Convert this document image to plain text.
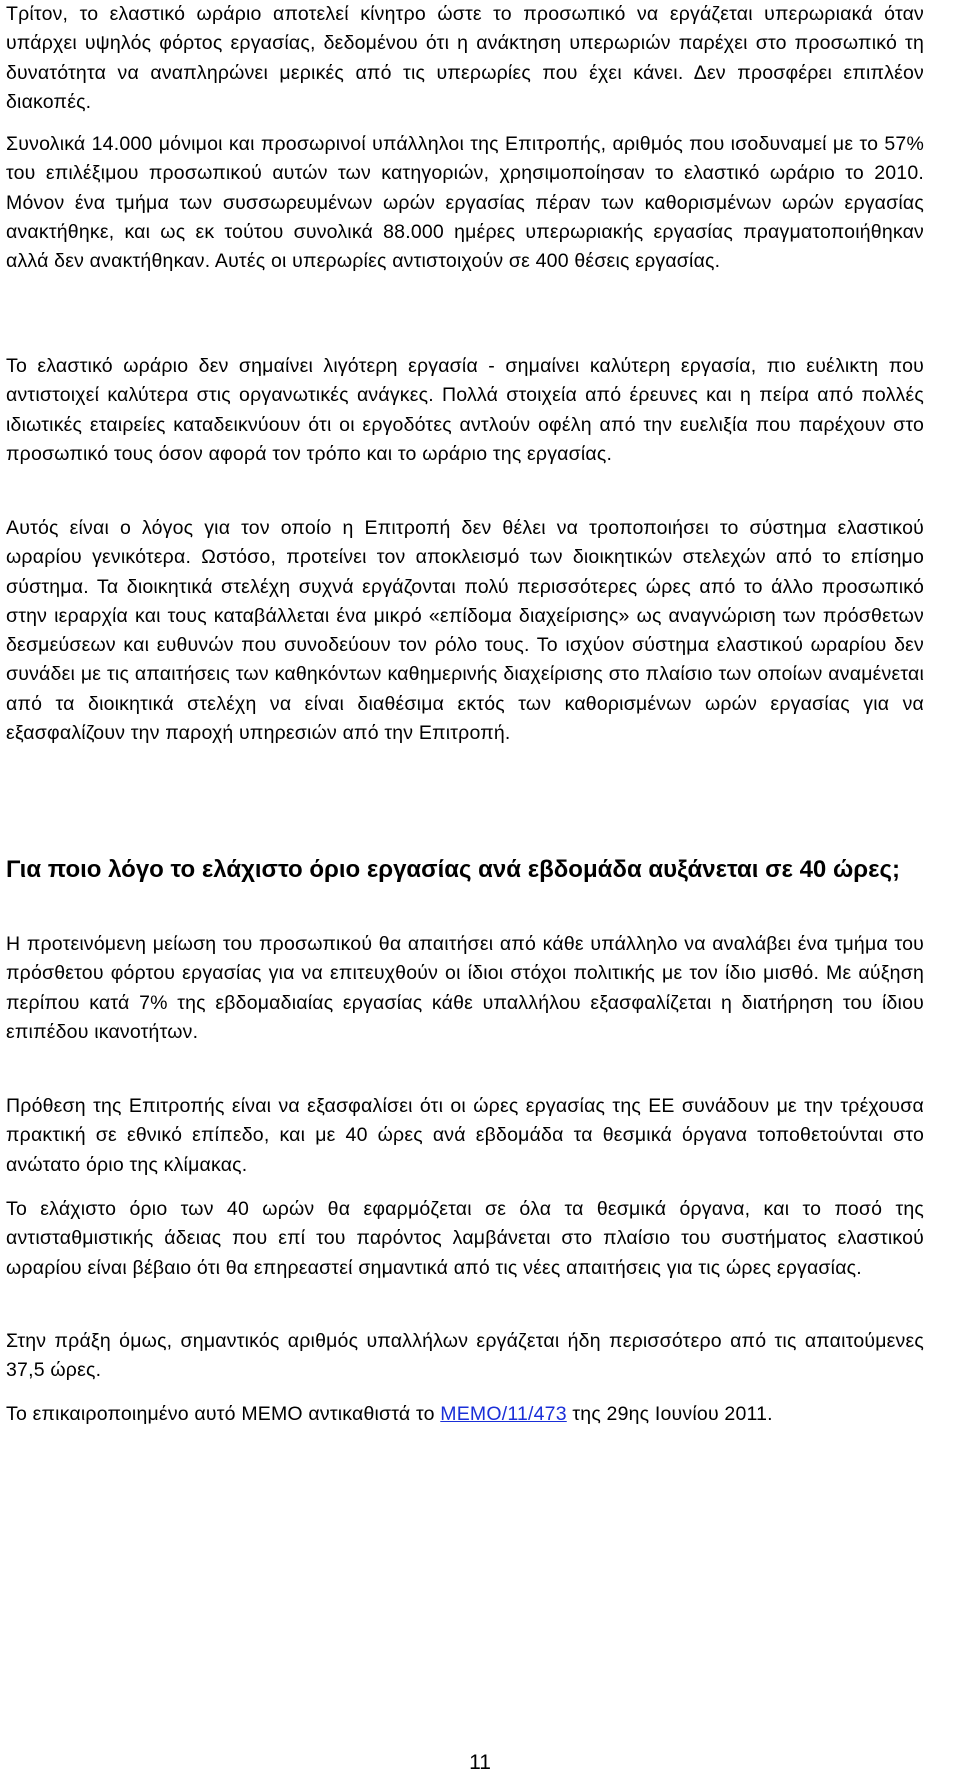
Τρίτον, το ελαστικό ωράριο αποτελεί κίνητρο ώστε το προσωπικό να εργάζεται υπερωριακά όταν υπάρχει υψηλός φόρτος εργασίας, δεδομένου ότι η ανάκτηση υπερωριών παρέχει στο προσωπικό τη δυνατότητα να αναπληρώνει μερικές από τις υπερωρίες που έχει κάνει. Δεν προσφέρει επιπλέον διακοπές.

Συνολικά 14.000 μόνιμοι και προσωρινοί υπάλληλοι της Επιτροπής, αριθμός που ισοδυναμεί με το 57% του επιλέξιμου προσωπικού αυτών των κατηγοριών, χρησιμοποίησαν το ελαστικό ωράριο το 2010. Μόνον ένα τμήμα των συσσωρευμένων ωρών εργασίας πέραν των καθορισμένων ωρών εργασίας ανακτήθηκε, και ως εκ τούτου συνολικά 88.000 ημέρες υπερωριακής εργασίας πραγματοποιήθηκαν αλλά δεν ανακτήθηκαν. Αυτές οι υπερωρίες αντιστοιχούν σε 400 θέσεις εργασίας.

Το ελαστικό ωράριο δεν σημαίνει λιγότερη εργασία - σημαίνει καλύτερη εργασία, πιο ευέλικτη που αντιστοιχεί καλύτερα στις οργανωτικές ανάγκες. Πολλά στοιχεία από έρευνες και η πείρα από πολλές ιδιωτικές εταιρείες καταδεικνύουν ότι οι εργοδότες αντλούν οφέλη από την ευελιξία που παρέχουν στο προσωπικό τους όσον αφορά τον τρόπο και το ωράριο της εργασίας.

Αυτός είναι ο λόγος για τον οποίο η Επιτροπή δεν θέλει να τροποποιήσει το σύστημα ελαστικού ωραρίου γενικότερα. Ωστόσο, προτείνει τον αποκλεισμό των διοικητικών στελεχών από το επίσημο σύστημα. Τα διοικητικά στελέχη συχνά εργάζονται πολύ περισσότερες ώρες από το άλλο προσωπικό στην ιεραρχία και τους καταβάλλεται ένα μικρό «επίδομα διαχείρισης» ως αναγνώριση των πρόσθετων δεσμεύσεων και ευθυνών που συνοδεύουν τον ρόλο τους. Το ισχύον σύστημα ελαστικού ωραρίου δεν συνάδει με τις απαιτήσεις των καθηκόντων καθημερινής διαχείρισης στο πλαίσιο των οποίων αναμένεται από τα διοικητικά στελέχη να είναι διαθέσιμα εκτός των καθορισμένων ωρών εργασίας για να εξασφαλίζουν την παροχή υπηρεσιών από την Επιτροπή.

Για ποιο λόγο το ελάχιστο όριο εργασίας ανά εβδομάδα αυξάνεται σε 40 ώρες;

Η προτεινόμενη μείωση του προσωπικού θα απαιτήσει από κάθε υπάλληλο να αναλάβει ένα τμήμα του πρόσθετου φόρτου εργασίας για να επιτευχθούν οι ίδιοι στόχοι πολιτικής με τον ίδιο μισθό. Με αύξηση περίπου κατά 7% της εβδομαδιαίας εργασίας κάθε υπαλλήλου εξασφαλίζεται η διατήρηση του ίδιου επιπέδου ικανοτήτων.

Πρόθεση της Επιτροπής είναι να εξασφαλίσει ότι οι ώρες εργασίας της ΕΕ συνάδουν με την τρέχουσα πρακτική σε εθνικό επίπεδο, και με 40 ώρες ανά εβδομάδα τα θεσμικά όργανα τοποθετούνται στο ανώτατο όριο της κλίμακας.

Το ελάχιστο όριο των 40 ωρών θα εφαρμόζεται σε όλα τα θεσμικά όργανα, και το ποσό της αντισταθμιστικής άδειας που επί του παρόντος λαμβάνεται στο πλαίσιο του συστήματος ελαστικού ωραρίου είναι βέβαιο ότι θα επηρεαστεί σημαντικά από τις νέες απαιτήσεις για τις ώρες εργασίας.

Στην πράξη όμως, σημαντικός αριθμός υπαλλήλων εργάζεται ήδη περισσότερο από τις απαιτούμενες 37,5 ώρες.

Το επικαιροποιημένο αυτό MEMO αντικαθιστά το MEMO/11/473 της 29ης Ιουνίου 2011.

11
